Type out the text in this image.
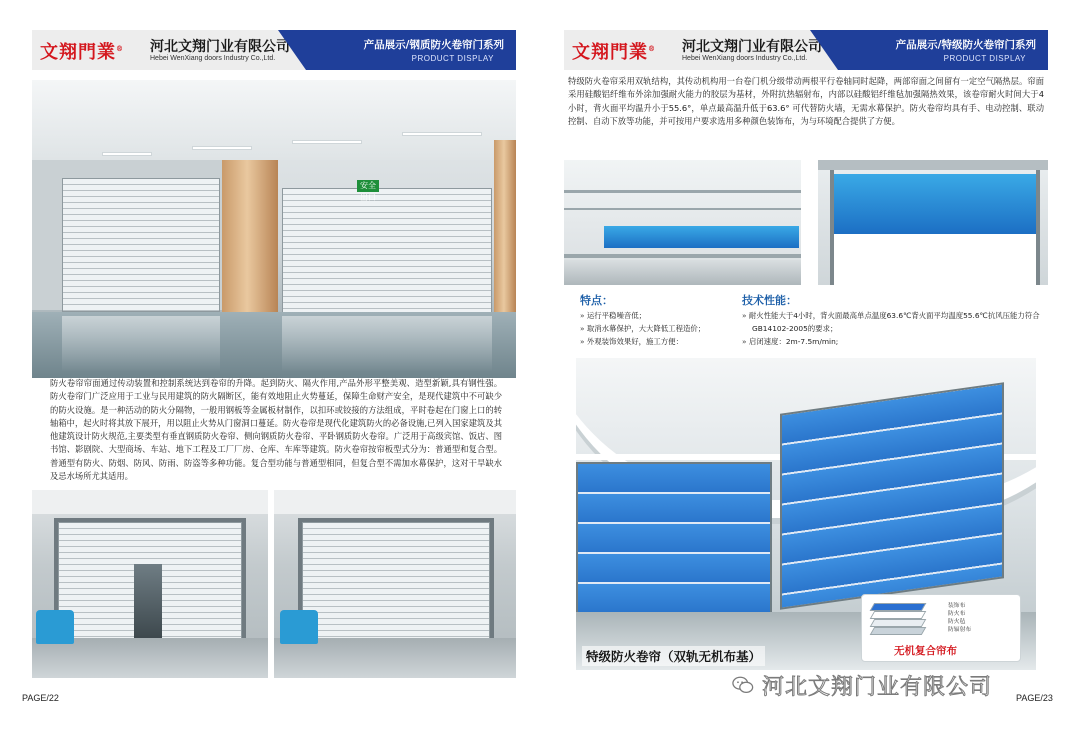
文翔門業® 河北文翔门业有限公司
Hebei WenXiang doors Industry Co.,Ltd.
产品展示/钢质防火卷帘门系列
PRODUCT DISPLAY
安全出口
防火卷帘帘面通过传动装置和控制系统达到卷帘的升降。起到防火、隔火作用,产品外形平整美观、造型新颖,具有钢性强。防火卷帘门广泛应用于工业与民用建筑的防火隔断区，能有效地阻止火势蔓延，保障生命财产安全，是现代建筑中不可缺少的防火设施。是一种活动的防火分隔物，一般用钢板等金属板材制作，以扣环或铰接的方法组成，平时卷起在门窗上口的转轴箱中，起火时将其放下展开，用以阻止火势从门窗洞口蔓延。防火卷帘是现代化建筑防火的必备设施,已列入国家建筑及其他建筑设计防火规范,主要类型有垂直钢质防火卷帘、侧向钢质防火卷帘、平卧钢质防火卷帘。广泛用于高级宾馆、饭店、图书馆、影剧院、大型商场、车站、地下工程及工厂厂房、仓库、车库等建筑。防火卷帘按帘板型式分为：普通型和复合型。普通型有防火、防烟、防风、防雨、防盗等多种功能。复合型功能与普通型相同，但复合型不需加水幕保护，这对干旱缺水及忌水场所尤其适用。
PAGE/22
文翔門業® 河北文翔门业有限公司
Hebei WenXiang doors Industry Co.,Ltd.
产品展示/特级防火卷帘门系列
PRODUCT DISPLAY
特级防火卷帘采用双轨结构，其传动机构用一台卷门机分级带动两根平行卷轴同时起降，两部帘面之间留有一定空气隔热层。帘面采用硅酸铝纤维布外涂加强耐火能力的胶层为基材，外附抗热辐射布，内部以硅酸铝纤维毡加强隔热效果，该卷帘耐火时间大于4小时，背火面平均温升小于55.6°，单点最高温升低于63.6° 可代替防火墙，无需水幕保护。防火卷帘均具有手、电动控制、联动控制、自动下放等功能，并可按用户要求选用多种颜色装饰布，为与环境配合提供了方便。
特点：
» 运行平稳噪音低；
» 取消水幕保护，大大降低工程造价；
» 外观装饰效果好，施工方便：
技术性能：
» 耐火性能大于4小时，背火面最高单点温度63.6℃背火面平均温度55.6℃抗风压能力符合
GB14102-2005的要求；
» 启闭速度：2m-7.5m/min;
装饰布
防火布
防火毡
防辐射布
无机复合帘布
特级防火卷帘（双轨无机布基）
PAGE/23
河北文翔门业有限公司
